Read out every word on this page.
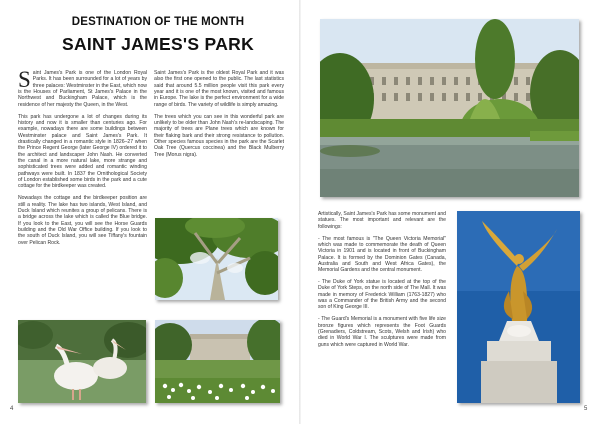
DESTINATION OF THE MONTH
SAINT JAMES'S PARK

Saint James's Park is one of the London Royal Parks. It has been surrounded for a lot of years by three palaces: Westminster in the East, which now is the Houses of Parliament, St James's Palace in the Northwest and Buckingham Palace, which is the residence of her majesty the Queen, in the West.

This park has undergone a lot of changes during its history and now it is smaller than centuries ago. For example, nowadays there are some buildings between Westminster palace and Saint James's Park. It drastically changed in a romantic style in 1826–27 when the Prince Regent George (later George IV) ordered it to the architect and landscaper John Nash. He converted the canal in a more natural lake, more strange and sophisticated trees were added and romantic winding pathways were built. In 1837 the Ornithological Society of London established some birds in the park and a cute cottage for the birdkeeper was created.

Nowadays the cottage and the birdkeeper position are still a reality. The lake has two islands, West Island, and Duck Island which reunites a group of pelicans. There is a bridge across the lake which is called the Blue bridge. If you look to the East, you will see the Horse Guards building and the Old War Office building. If you look to the south of Duck Island, you will see Tiffany's fountain over Pelican Rock.

Saint James's Park is the oldest Royal Park and it was also the first one opened to the public. The last statistics said that around 5.5 million people visit this park every year and it is one of the most known, visited and famous in Europe. The lake is the perfect environment for a wide range of birds. The variety of wildlife is simply amazing.

The trees which you can see in this wonderful park are unlikely to be older than John Nash's re-landscaping. The majority of trees are Plane trees which are known for their flaking bark and their strong resistance to pollution. Other species famous species in the park are the Scarlet Oak Tree (Quercus coccinea) and the Black Mulberry Tree (Morus nigra).

4

Artistically, Saint James's Park has some monument and statues. The most important and relevant are the followings:

- The most famous is "The Queen Victoria Memorial" which was made to commemorate the death of Queen Victoria in 1901 and is located in front of Buckingham Palace. It is formed by the Dominion Gates (Canada, Australia and South and West Africa Gates), the Memorial Gardens and the central monument.

- The Duke of York statue is located at the top of the Duke of York Steps, on the north side of The Mall. It was made in memory of Frederick William (1763-1827) who was a Commander of the British Army and the second son of King George III.

- The Guard's Memorial is a monument with five life size bronze figures which represents the Foot Guards (Grenadiers, Coldstream, Scots, Welsh and Irish) who died in World War I. The sculptures were made from guns which were captured in World War.

5
